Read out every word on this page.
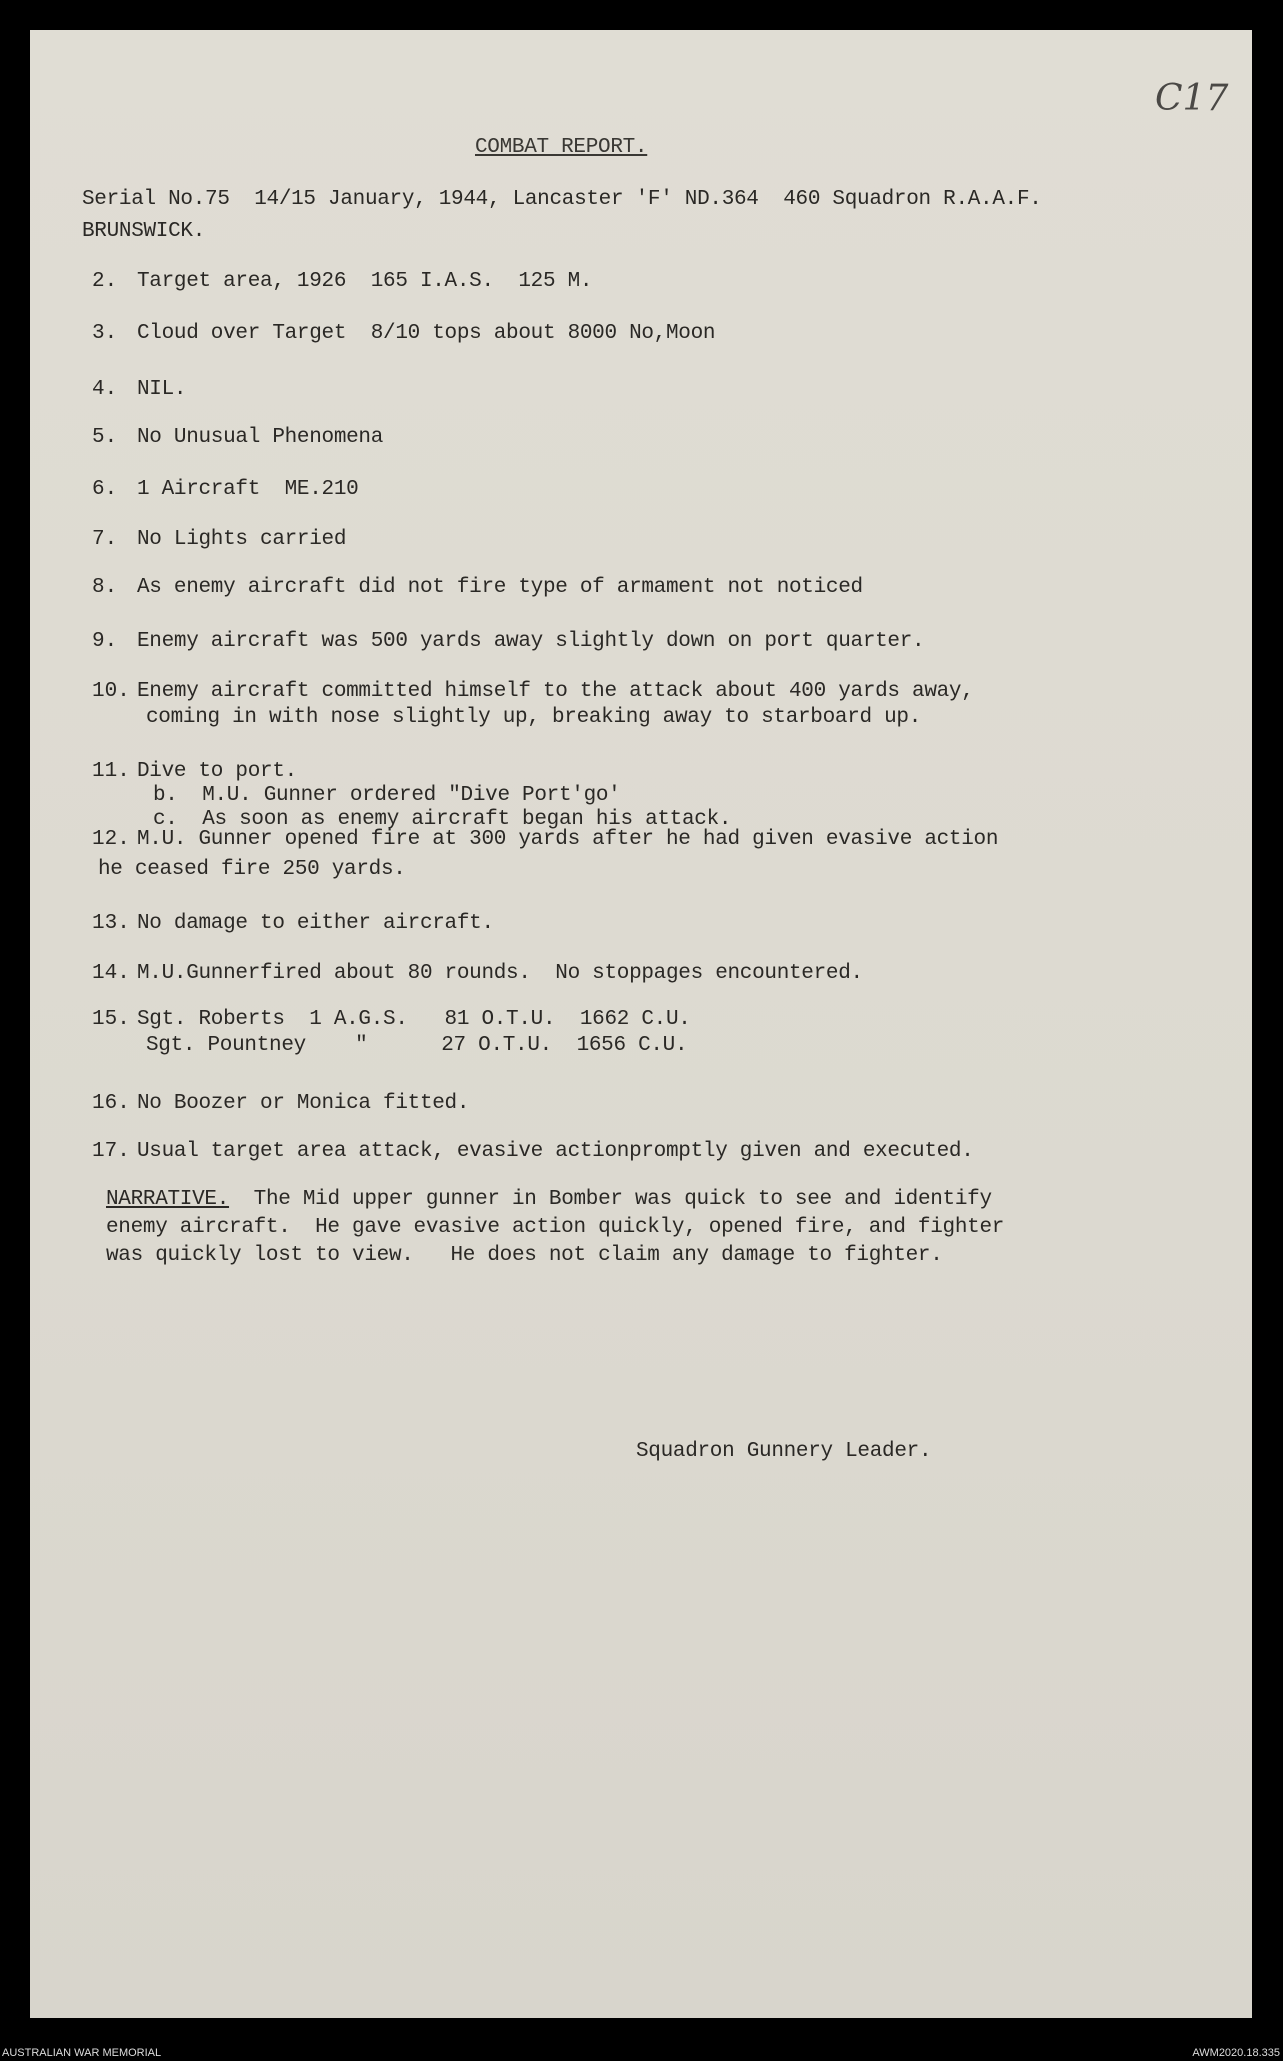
C17
COMBAT REPORT.
Serial No.75  14/15 January, 1944, Lancaster 'F' ND.364  460 Squadron R.A.A.F.
BRUNSWICK.
2. Target area, 1926  165 I.A.S.  125 M.
3. Cloud over Target  8/10 tops about 8000 No,Moon
4. NIL.
5. No Unusual Phenomena
6. 1 Aircraft  ME.210
7. No Lights carried
8. As enemy aircraft did not fire type of armament not noticed
9. Enemy aircraft was 500 yards away slightly down on port quarter.
10. Enemy aircraft committed himself to the attack about 400 yards away,
coming in with nose slightly up, breaking away to starboard up.
11. Dive to port.
b.  M.U. Gunner ordered "Dive Port'go'
c.  As soon as enemy aircraft began his attack.
12. M.U. Gunner opened fire at 300 yards after he had given evasive action
he ceased fire 250 yards.
13. No damage to either aircraft.
14. M.U.Gunnerfired about 80 rounds.  No stoppages encountered.
15. Sgt. Roberts  1 A.G.S.   81 O.T.U.  1662 C.U.
Sgt. Pountney    "      27 O.T.U.  1656 C.U.
16. No Boozer or Monica fitted.
17. Usual target area attack, evasive actionpromptly given and executed.
NARRATIVE. The Mid upper gunner in Bomber was quick to see and identify
enemy aircraft.  He gave evasive action quickly, opened fire, and fighter
was quickly lost to view.   He does not claim any damage to fighter.
Squadron Gunnery Leader.
AUSTRALIAN WAR MEMORIAL	AWM2020.18.335
